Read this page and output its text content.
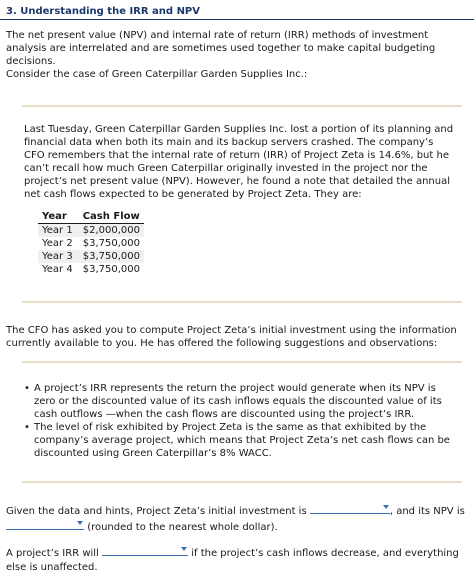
3. Understanding the IRR and NPV

The net present value (NPV) and internal rate of return (IRR) methods of investment analysis are interrelated and are sometimes used together to make capital budgeting decisions.

Consider the case of Green Caterpillar Garden Supplies Inc.:

Last Tuesday, Green Caterpillar Garden Supplies Inc. lost a portion of its planning and financial data when both its main and its backup servers crashed. The company’s CFO remembers that the internal rate of return (IRR) of Project Zeta is 14.6%, but he can’t recall how much Green Caterpillar originally invested in the project nor the project’s net present value (NPV). However, he found a note that detailed the annual net cash flows expected to be generated by Project Zeta. They are:

Year	Cash Flow
Year 1	$2,000,000
Year 2	$3,750,000
Year 3	$3,750,000
Year 4	$3,750,000

The CFO has asked you to compute Project Zeta’s initial investment using the information currently available to you. He has offered the following suggestions and observations:

• A project’s IRR represents the return the project would generate when its NPV is zero or the discounted value of its cash inflows equals the discounted value of its cash outflows —when the cash flows are discounted using the project’s IRR.
• The level of risk exhibited by Project Zeta is the same as that exhibited by the company’s average project, which means that Project Zeta’s net cash flows can be discounted using Green Caterpillar’s 8% WACC.

Given the data and hints, Project Zeta’s initial investment is	, and its NPV is

(rounded to the nearest whole dollar).

A project’s IRR will	if the project’s cash inflows decrease, and everything else is unaffected.
